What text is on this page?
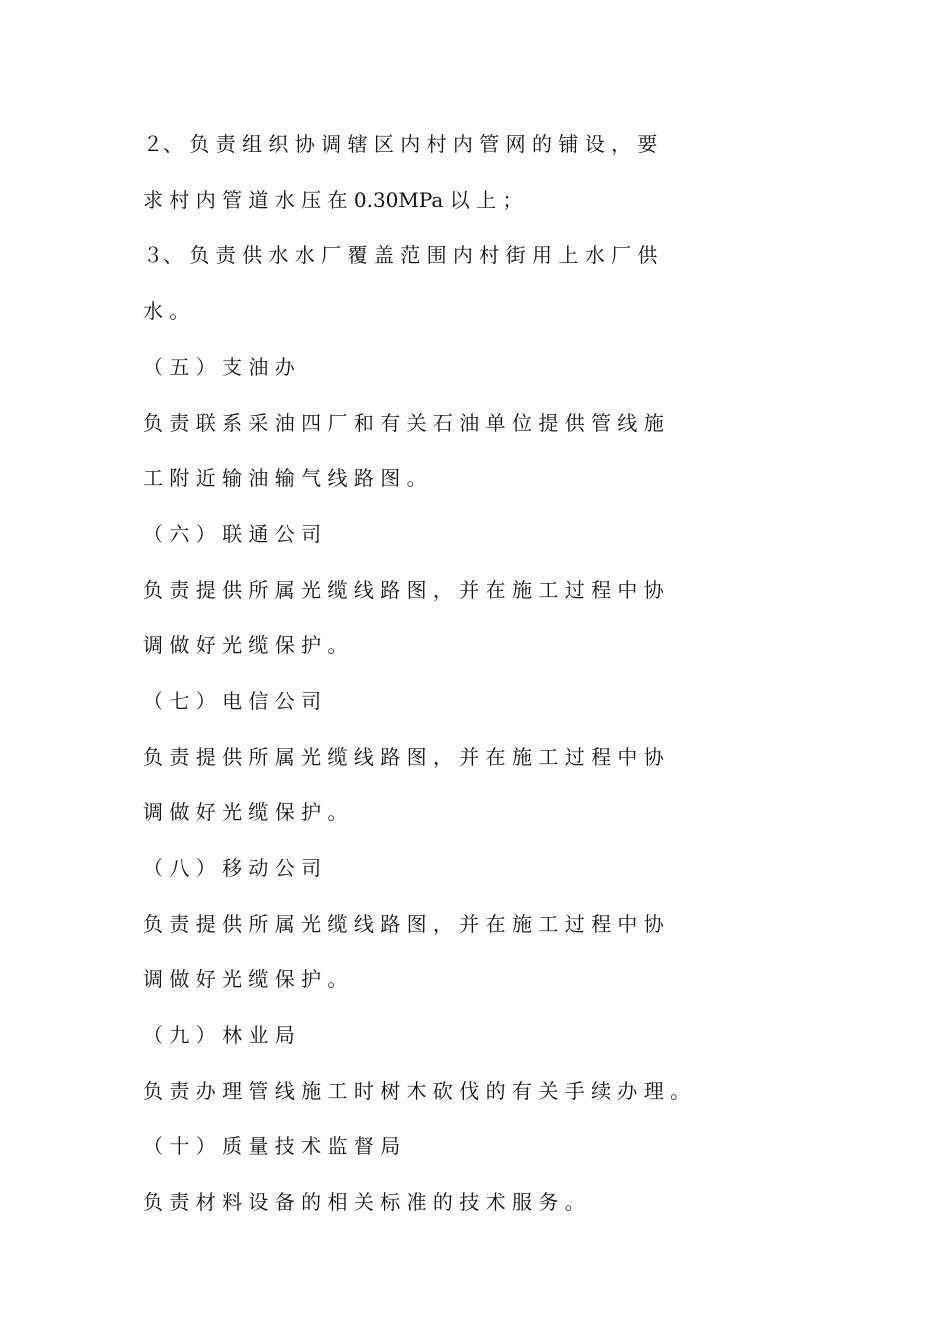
２、 负 责 组 织 协 调 辖 区 内 村 内 管 网 的 铺 设 ， 要
求 村 内 管 道 水 压 在 0.30MPa 以 上 ；
３、 负 责 供 水 水 厂 覆 盖 范 围 内 村 街 用 上 水 厂 供
水 。
（ 五 ） 支 油 办
负 责 联 系 采 油 四 厂 和 有 关 石 油 单 位 提 供 管 线 施
工 附 近 输 油 输 气 线 路 图 。
（ 六 ） 联 通 公 司
负 责 提 供 所 属 光 缆 线 路 图 ， 并 在 施 工 过 程 中 协
调 做 好 光 缆 保 护 。
（ 七 ） 电 信 公 司
负 责 提 供 所 属 光 缆 线 路 图 ， 并 在 施 工 过 程 中 协
调 做 好 光 缆 保 护 。
（ 八 ） 移 动 公 司
负 责 提 供 所 属 光 缆 线 路 图 ， 并 在 施 工 过 程 中 协
调 做 好 光 缆 保 护 。
（ 九 ） 林 业 局
负 责 办 理 管 线 施 工 时 树 木 砍 伐 的 有 关 手 续 办 理 。
（ 十 ） 质 量 技 术 监 督 局
负 责 材 料 设 备 的 相 关 标 准 的 技 术 服 务 。
